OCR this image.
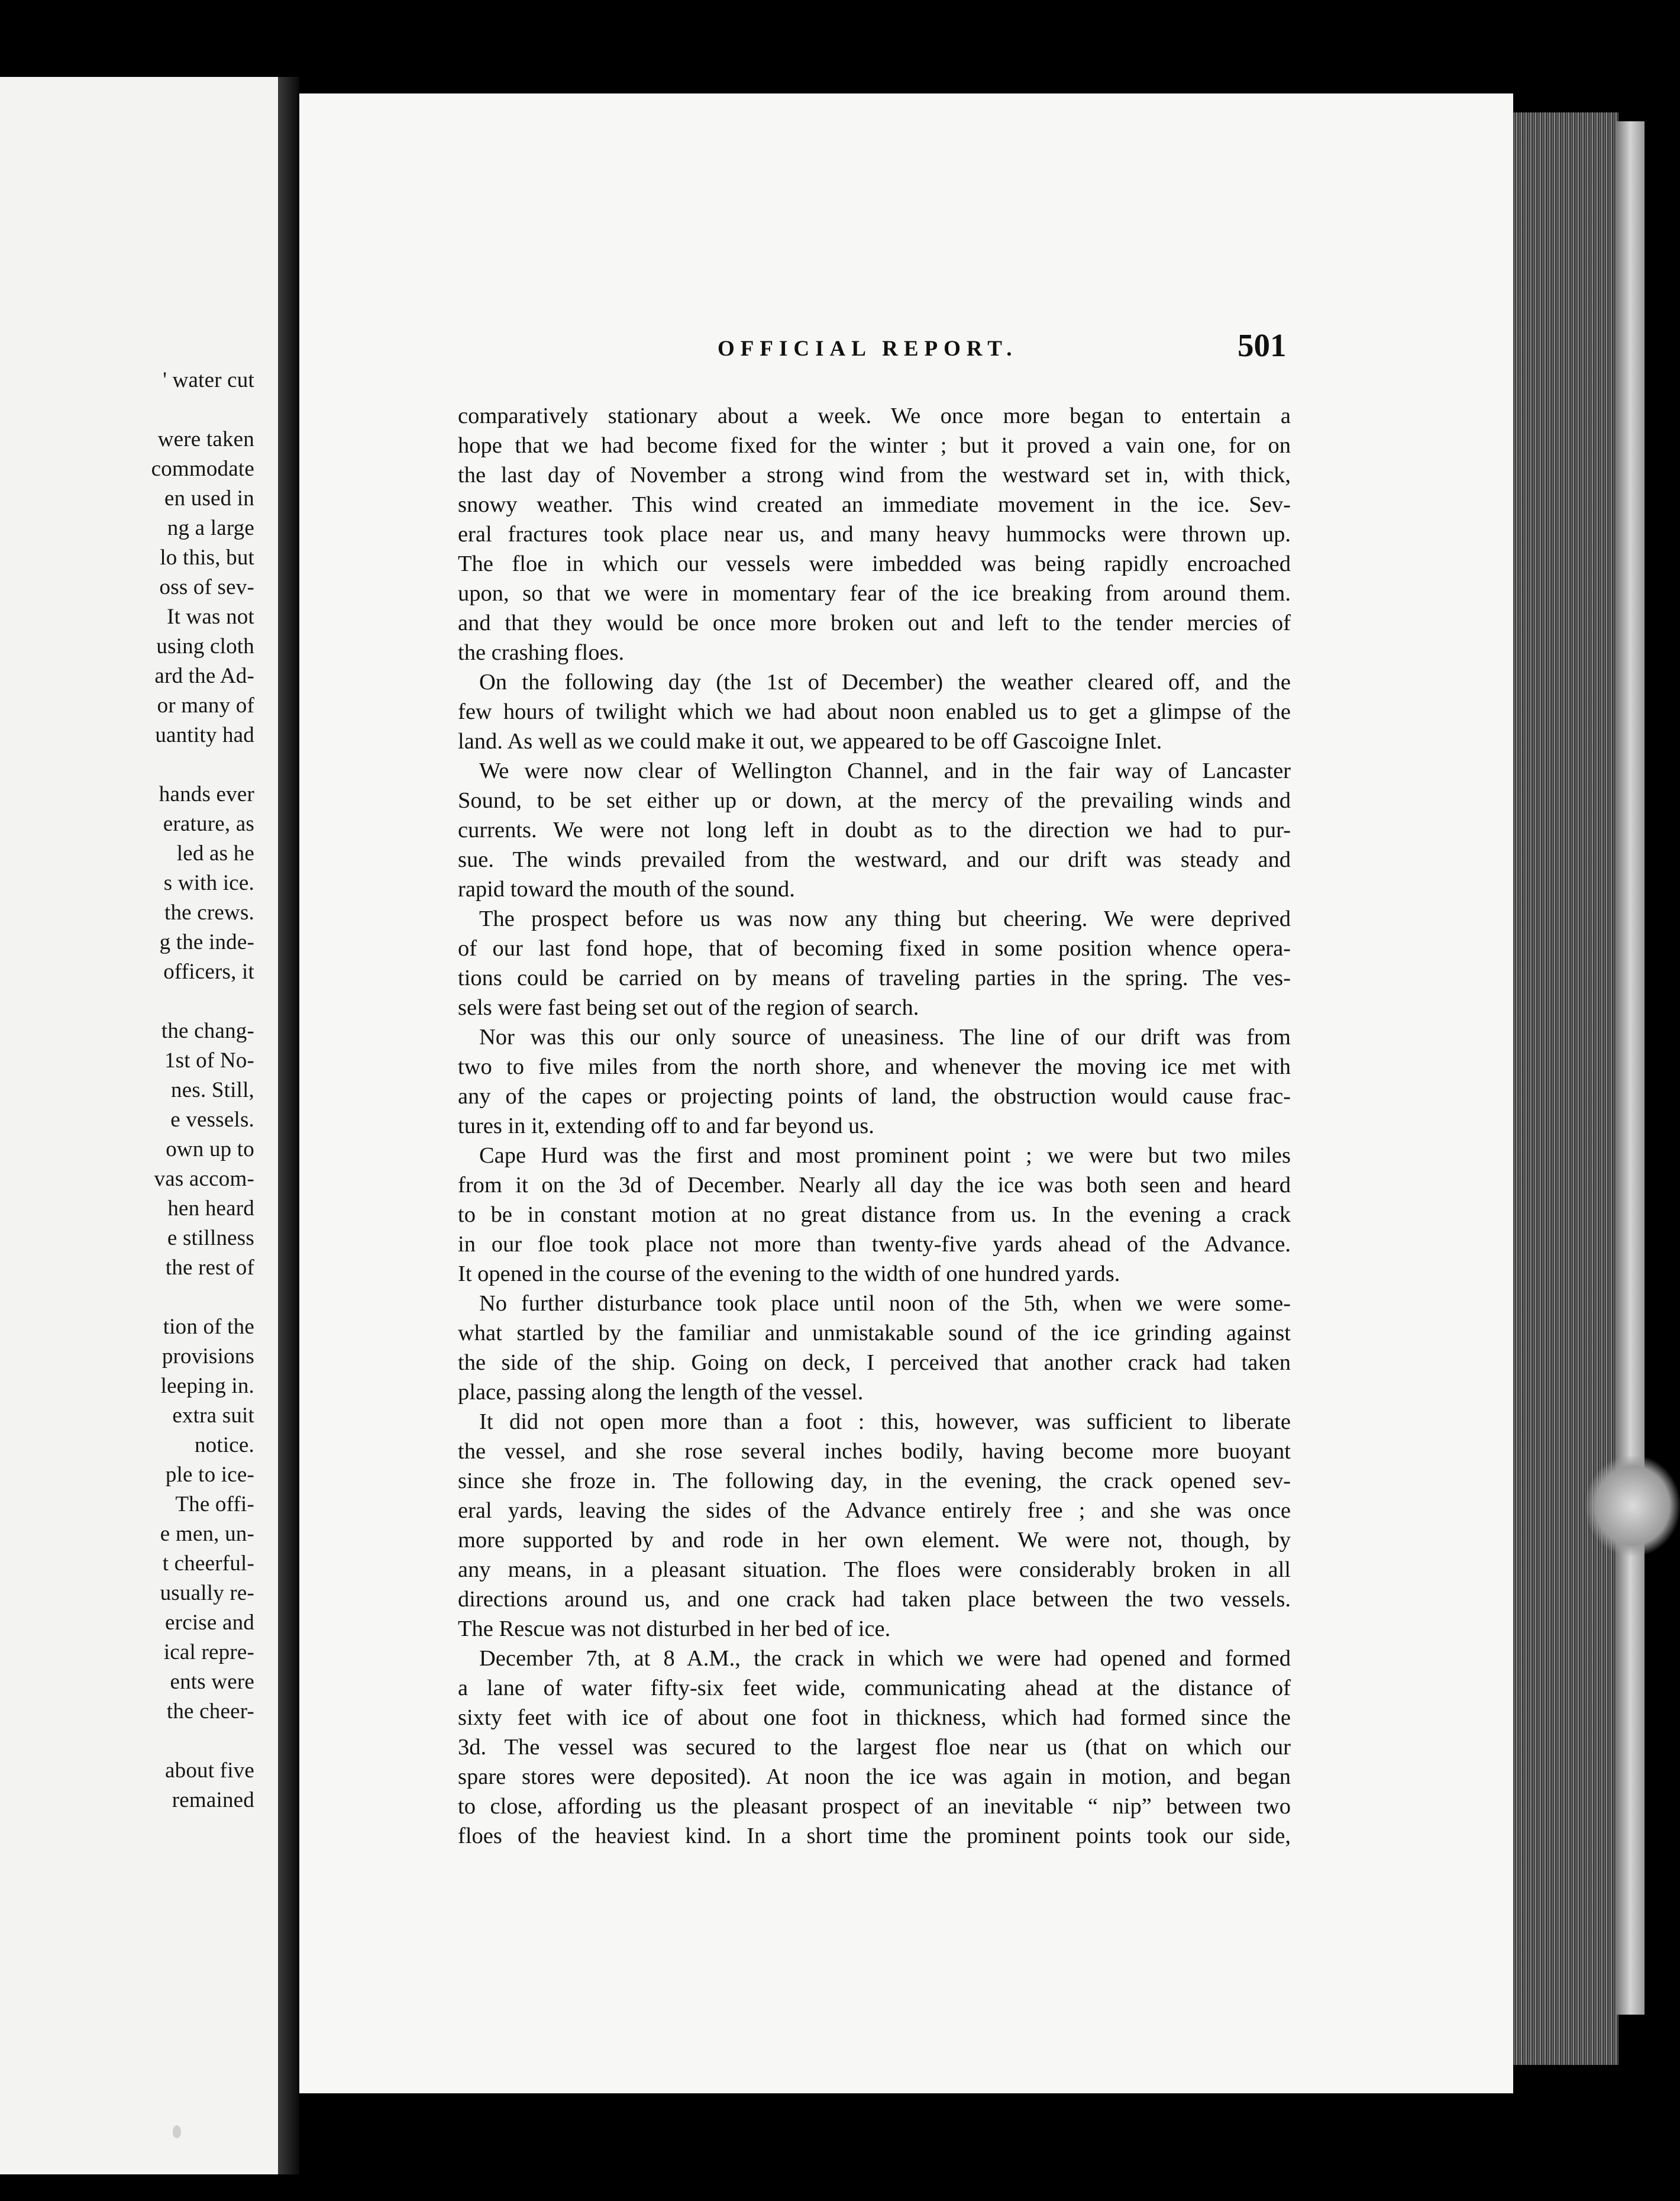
' water cut
were taken
commodate
en used in
ng a large
lo this, but
oss of sev-
It was not
using cloth
ard the Ad-
or many of
uantity had
hands ever
erature, as
led as he
s with ice.
the crews.
g the inde-
officers, it
the chang-
1st of No-
nes. Still,
e vessels.
own up to
vas accom-
hen heard
e stillness
the rest of
tion of the
provisions
leeping in.
extra suit
notice.
ple to ice-
The offi-
e men, un-
t cheerful-
usually re-
ercise and
ical repre-
ents were
the cheer-
about five
remained
OFFICIAL REPORT.	501
comparatively stationary about a week. We once more began to entertain a
hope that we had become fixed for the winter ; but it proved a vain one, for on
the last day of November a strong wind from the westward set in, with thick,
snowy weather. This wind created an immediate movement in the ice. Sev-
eral fractures took place near us, and many heavy hummocks were thrown up.
The floe in which our vessels were imbedded was being rapidly encroached
upon, so that we were in momentary fear of the ice breaking from around them.
and that they would be once more broken out and left to the tender mercies of
the crashing floes.
On the following day (the 1st of December) the weather cleared off, and the
few hours of twilight which we had about noon enabled us to get a glimpse of the
land. As well as we could make it out, we appeared to be off Gascoigne Inlet.
We were now clear of Wellington Channel, and in the fair way of Lancaster
Sound, to be set either up or down, at the mercy of the prevailing winds and
currents. We were not long left in doubt as to the direction we had to pur-
sue. The winds prevailed from the westward, and our drift was steady and
rapid toward the mouth of the sound.
The prospect before us was now any thing but cheering. We were deprived
of our last fond hope, that of becoming fixed in some position whence opera-
tions could be carried on by means of traveling parties in the spring. The ves-
sels were fast being set out of the region of search.
Nor was this our only source of uneasiness. The line of our drift was from
two to five miles from the north shore, and whenever the moving ice met with
any of the capes or projecting points of land, the obstruction would cause frac-
tures in it, extending off to and far beyond us.
Cape Hurd was the first and most prominent point ; we were but two miles
from it on the 3d of December. Nearly all day the ice was both seen and heard
to be in constant motion at no great distance from us. In the evening a crack
in our floe took place not more than twenty-five yards ahead of the Advance.
It opened in the course of the evening to the width of one hundred yards.
No further disturbance took place until noon of the 5th, when we were some-
what startled by the familiar and unmistakable sound of the ice grinding against
the side of the ship. Going on deck, I perceived that another crack had taken
place, passing along the length of the vessel.
It did not open more than a foot : this, however, was sufficient to liberate
the vessel, and she rose several inches bodily, having become more buoyant
since she froze in. The following day, in the evening, the crack opened sev-
eral yards, leaving the sides of the Advance entirely free ; and she was once
more supported by and rode in her own element. We were not, though, by
any means, in a pleasant situation. The floes were considerably broken in all
directions around us, and one crack had taken place between the two vessels.
The Rescue was not disturbed in her bed of ice.
December 7th, at 8 A.M., the crack in which we were had opened and formed
a lane of water fifty-six feet wide, communicating ahead at the distance of
sixty feet with ice of about one foot in thickness, which had formed since the
3d. The vessel was secured to the largest floe near us (that on which our
spare stores were deposited). At noon the ice was again in motion, and began
to close, affording us the pleasant prospect of an inevitable “ nip” between two
floes of the heaviest kind. In a short time the prominent points took our side,
